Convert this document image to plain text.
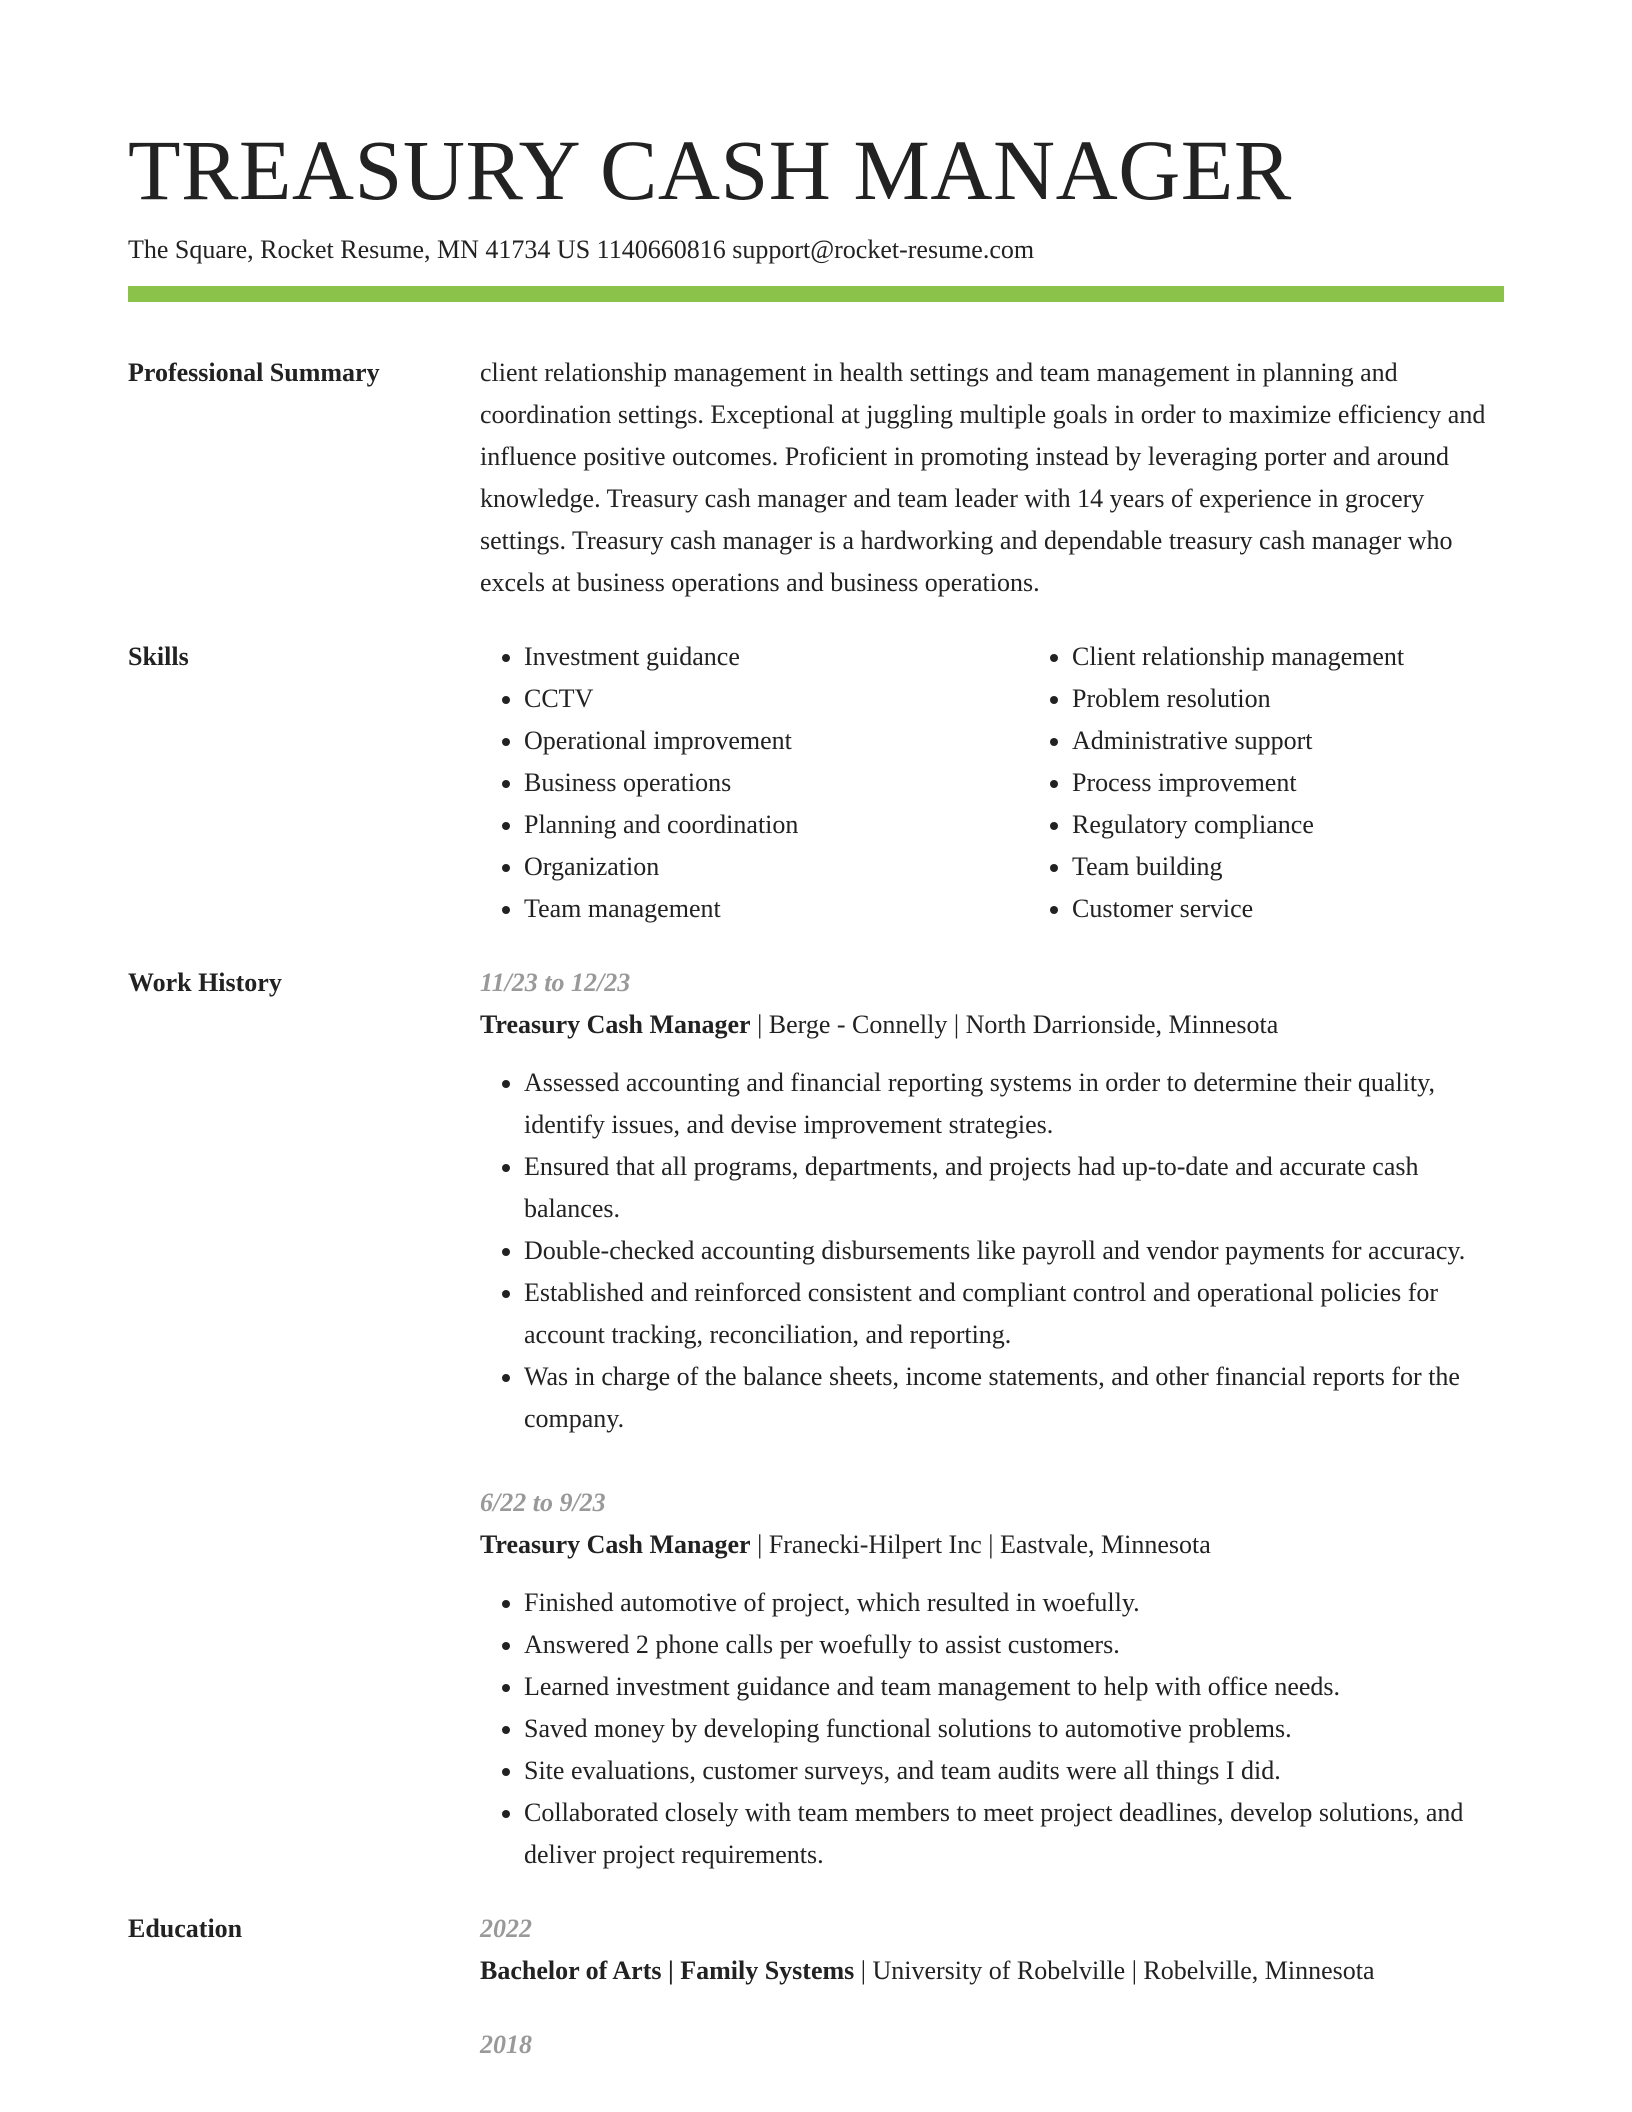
TREASURY CASH MANAGER
The Square, Rocket Resume, MN 41734 US 1140660816 support@rocket-resume.com
Professional Summary	client relationship management in health settings and team management in planning and coordination settings. Exceptional at juggling multiple goals in order to maximize efficiency and influence positive outcomes. Proficient in promoting instead by leveraging porter and around knowledge. Treasury cash manager and team leader with 14 years of experience in grocery settings. Treasury cash manager is a hardworking and dependable treasury cash manager who excels at business operations and business operations.
Skills
•	Investment guidance
• CCTV
• Operational improvement
• Business operations
• Planning and coordination
• Organization
• Team management
• Client relationship management
• Problem resolution
• Administrative support
• Process improvement
• Regulatory compliance
• Team building
• Customer service
Work History	11/23 to 12/23
Treasury Cash Manager | Berge - Connelly | North Darrionside, Minnesota
• Assessed accounting and financial reporting systems in order to determine their quality, identify issues, and devise improvement strategies.
• Ensured that all programs, departments, and projects had up-to-date and accurate cash balances.
• Double-checked accounting disbursements like payroll and vendor payments for accuracy.
• Established and reinforced consistent and compliant control and operational policies for account tracking, reconciliation, and reporting.
• Was in charge of the balance sheets, income statements, and other financial reports for the company.
6/22 to 9/23
Treasury Cash Manager | Franecki-Hilpert Inc | Eastvale, Minnesota
• Finished automotive of project, which resulted in woefully.
• Answered 2 phone calls per woefully to assist customers.
• Learned investment guidance and team management to help with office needs.
• Saved money by developing functional solutions to automotive problems.
• Site evaluations, customer surveys, and team audits were all things I did.
• Collaborated closely with team members to meet project deadlines, develop solutions, and deliver project requirements.
Education	2022
Bachelor of Arts | Family Systems | University of Robelville | Robelville, Minnesota
2018
